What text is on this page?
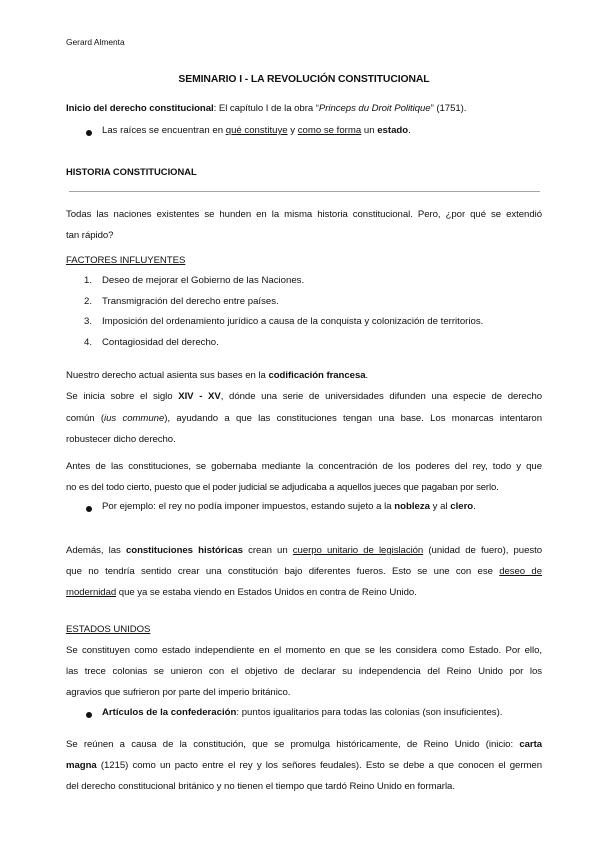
Gerard Almenta
SEMINARIO I - LA REVOLUCIÓN CONSTITUCIONAL
Inicio del derecho constitucional: El capítulo I de la obra “Princeps du Droit Politique” (1751).
Las raíces se encuentran en qué constituye y como se forma un estado.
HISTORIA CONSTITUCIONAL
Todas las naciones existentes se hunden en la misma historia constitucional. Pero, ¿por qué se extendió
tan rápido?
FACTORES INFLUYENTES
1. Deseo de mejorar el Gobierno de las Naciones.
2. Transmigración del derecho entre países.
3. Imposición del ordenamiento jurídico a causa de la conquista y colonización de territorios.
4. Contagiosidad del derecho.
Nuestro derecho actual asienta sus bases en la codificación francesa.
Se inicia sobre el siglo XIV - XV, dónde una serie de universidades difunden una especie de derecho
común (ius commune), ayudando a que las constituciones tengan una base. Los monarcas intentaron
robustecer dicho derecho.
Antes de las constituciones, se gobernaba mediante la concentración de los poderes del rey, todo y que
no es del todo cierto, puesto que el poder judicial se adjudicaba a aquellos jueces que pagaban por serlo.
Por ejemplo: el rey no podía imponer impuestos, estando sujeto a la nobleza y al clero.
Además, las constituciones históricas crean un cuerpo unitario de legislación (unidad de fuero), puesto
que no tendría sentido crear una constitución bajo diferentes fueros. Esto se une con ese deseo de
modernidad que ya se estaba viendo en Estados Unidos en contra de Reino Unido.
ESTADOS UNIDOS
Se constituyen como estado independiente en el momento en que se les considera como Estado. Por ello,
las trece colonias se unieron con el objetivo de declarar su independencia del Reino Unido por los
agravios que sufrieron por parte del imperio británico.
Artículos de la confederación: puntos igualitarios para todas las colonias (son insuficientes).
Se reúnen a causa de la constitución, que se promulga históricamente, de Reino Unido (inicio: carta
magna (1215) como un pacto entre el rey y los señores feudales). Esto se debe a que conocen el germen
del derecho constitucional británico y no tienen el tiempo que tardó Reino Unido en formarla.
